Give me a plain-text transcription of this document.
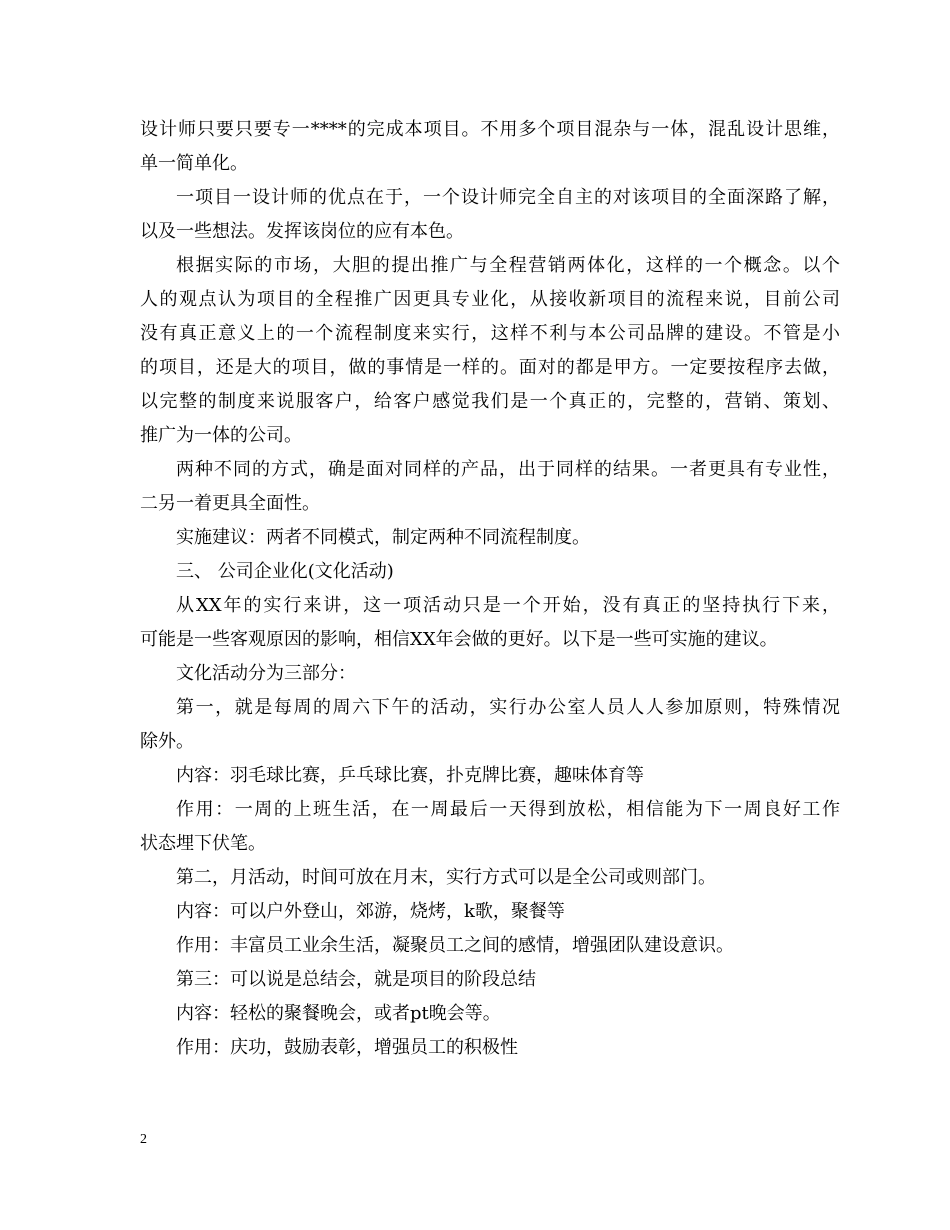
设计师只要只要专一****的完成本项目。不用多个项目混杂与一体，混乱设计思维，
单一简单化。
一项目一设计师的优点在于，一个设计师完全自主的对该项目的全面深路了解，
以及一些想法。发挥该岗位的应有本色。
根据实际的市场，大胆的提出推广与全程营销两体化，这样的一个概念。以个
人的观点认为项目的全程推广因更具专业化，从接收新项目的流程来说，目前公司
没有真正意义上的一个流程制度来实行，这样不利与本公司品牌的建设。不管是小
的项目，还是大的项目，做的事情是一样的。面对的都是甲方。一定要按程序去做，
以完整的制度来说服客户，给客户感觉我们是一个真正的，完整的，营销、策划、
推广为一体的公司。
两种不同的方式，确是面对同样的产品，出于同样的结果。一者更具有专业性，
二另一着更具全面性。
实施建议：两者不同模式，制定两种不同流程制度。
三、 公司企业化(文化活动)
从XX年的实行来讲，这一项活动只是一个开始，没有真正的坚持执行下来，
可能是一些客观原因的影响，相信XX年会做的更好。以下是一些可实施的建议。
文化活动分为三部分：
第一，就是每周的周六下午的活动，实行办公室人员人人参加原则，特殊情况
除外。
内容：羽毛球比赛，乒乓球比赛，扑克牌比赛，趣味体育等
作用：一周的上班生活，在一周最后一天得到放松，相信能为下一周良好工作
状态埋下伏笔。
第二，月活动，时间可放在月末，实行方式可以是全公司或则部门。
内容：可以户外登山，郊游，烧烤，k歌，聚餐等
作用：丰富员工业余生活，凝聚员工之间的感情，增强团队建设意识。
第三：可以说是总结会，就是项目的阶段总结
内容：轻松的聚餐晚会，或者pt晚会等。
作用：庆功，鼓励表彰，增强员工的积极性
2
